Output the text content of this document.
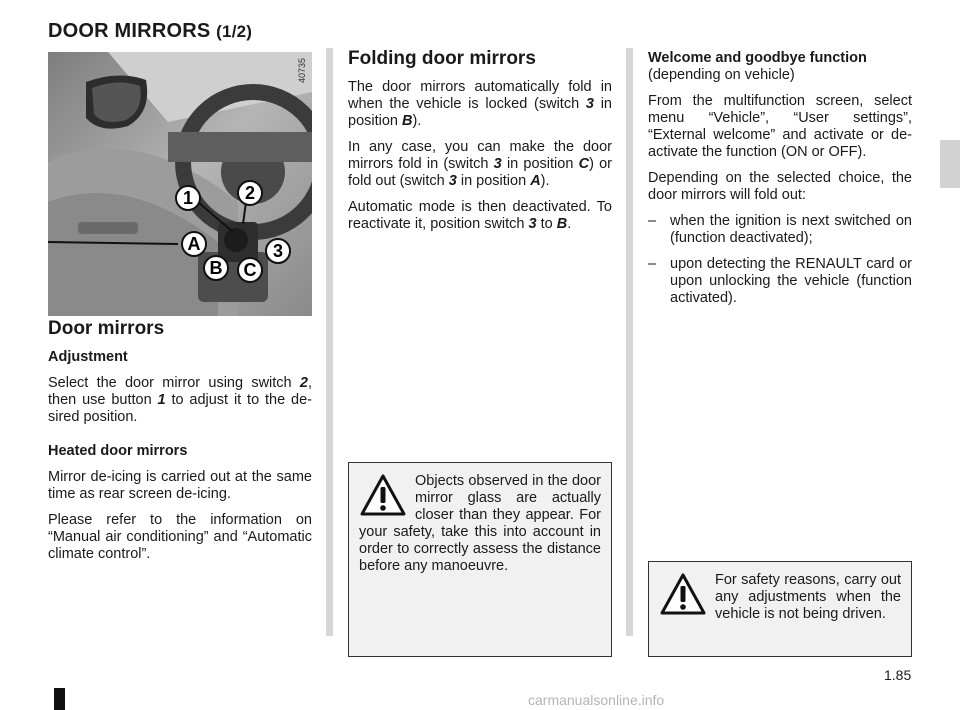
DOOR MIRRORS (1/2)
1	2
A	3
B C
40735
Door mirrors
Adjustment

Select the door mirror using switch 2, then use button 1 to adjust it to the desired position.

Heated door mirrors

Mirror de-icing is carried out at the same time as rear screen de-icing.

Please refer to the information on “Manual air conditioning” and “Automatic climate control”.

Folding door mirrors

The door mirrors automatically fold in when the vehicle is locked (switch 3 in position B).

In any case, you can make the door mirrors fold in (switch 3 in position C) or fold out (switch 3 in position A).

Automatic mode is then deactivated. To reactivate it, position switch 3 to B.

Objects observed in the door mirror glass are actually closer than they appear. For your safety, take this into account in order to correctly assess the distance before any manoeuvre.
Welcome and goodbye function
(depending on vehicle)

From the multifunction screen, select menu “Vehicle”, “User settings”, “External welcome” and activate or deactivate the function (ON or OFF).

Depending on the selected choice, the door mirrors will fold out:

– when the ignition is next switched on (function deactivated);
– upon detecting the RENAULT card or upon unlocking the vehicle (function activated).
For safety reasons, carry out any adjustments when the vehicle is not being driven.
1.85
carmanualsonline.info
